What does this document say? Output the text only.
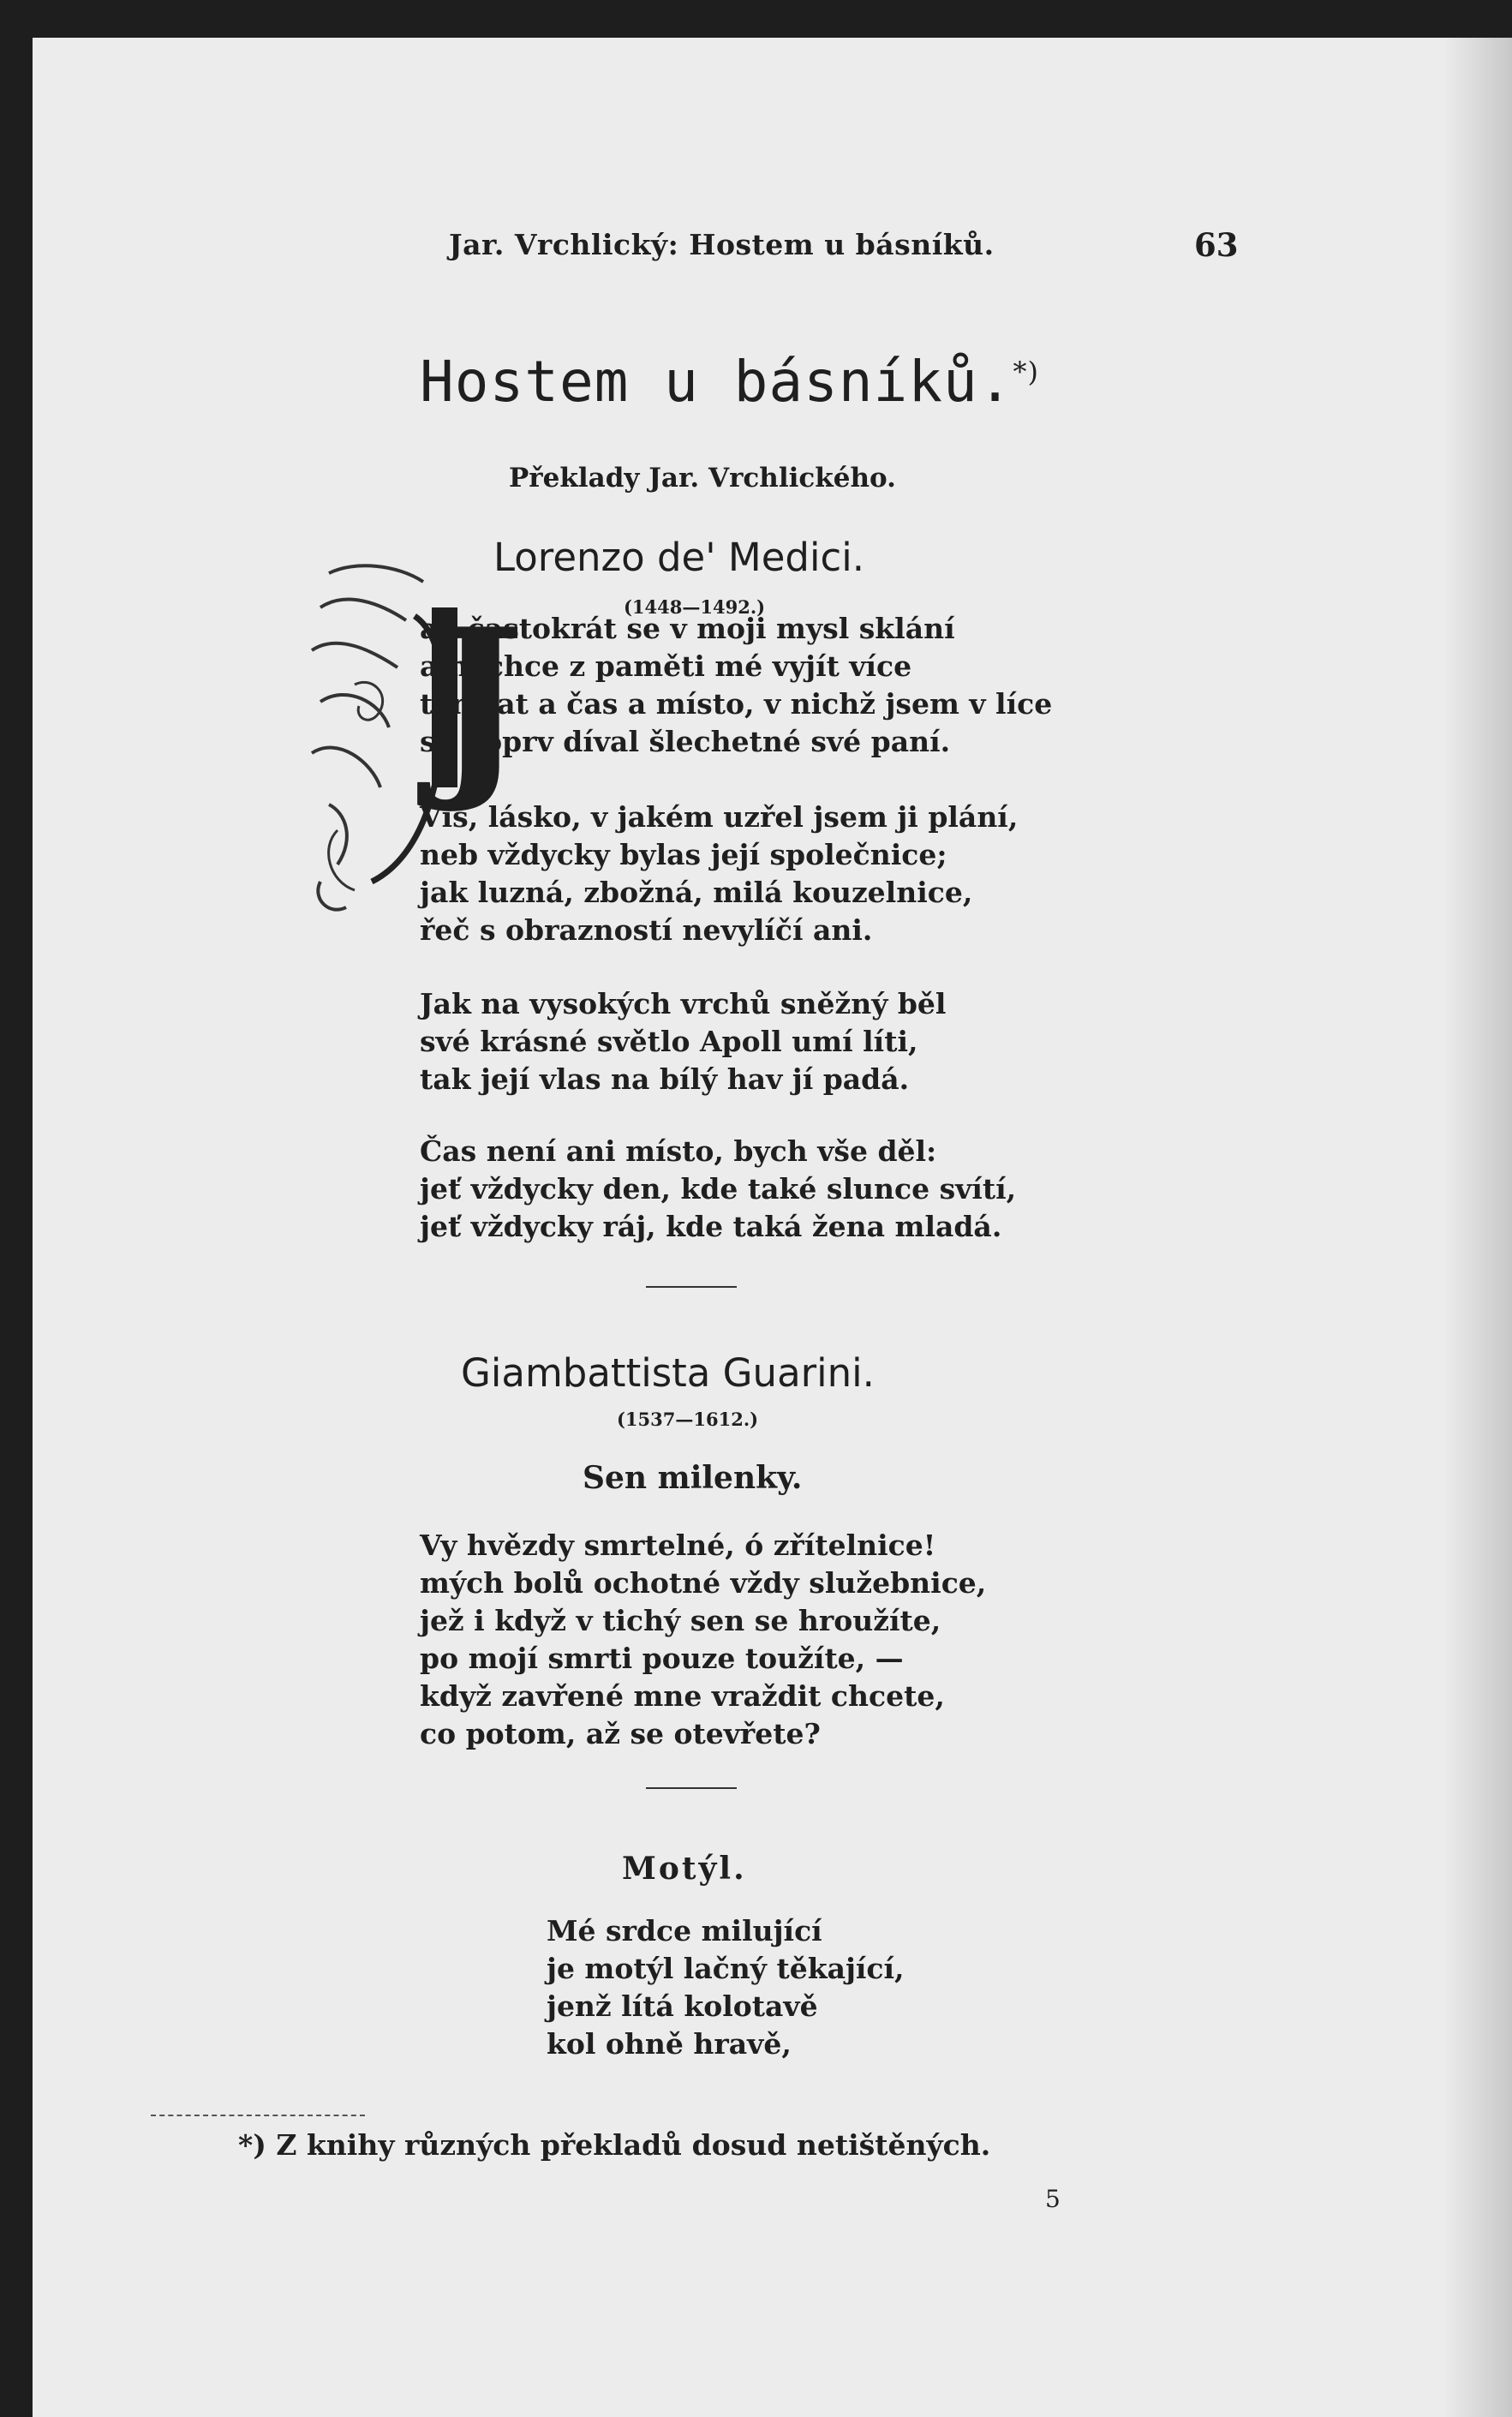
Jar. Vrchlický: Hostem u básníků.	63
Hostem u básníků.*)
Překlady Jar. Vrchlického.
Lorenzo de' Medici.
(1448—1492.)
J
ak častokrát se v moji mysl sklání
a nechce z paměti mé vyjít více
ten šat a čas a místo, v nichž jsem v líce
se poprv díval šlechetné své paní.
Víš, lásko, v jakém uzřel jsem ji plání,
neb vždycky bylas její společnice;
jak luzná, zbožná, milá kouzelnice,
řeč s obrazností nevylíčí ani.
Jak na vysokých vrchů sněžný běl
své krásné světlo Apoll umí líti,
tak její vlas na bílý hav jí padá.
Čas není ani místo, bych vše děl:
jeť vždycky den, kde také slunce svítí,
jeť vždycky ráj, kde taká žena mladá.
Giambattista Guarini.
(1537—1612.)
Sen milenky.
Vy hvězdy smrtelné, ó zřítelnice!
mých bolů ochotné vždy služebnice,
jež i když v tichý sen se hroužíte,
po mojí smrti pouze toužíte, —
když zavřené mne vraždit chcete,
co potom, až se otevřete?
Motýl.
Mé srdce milující
je motýl lačný těkající,
jenž lítá kolotavě
kol ohně hravě,
*) Z knihy různých překladů dosud netištěných.
5
